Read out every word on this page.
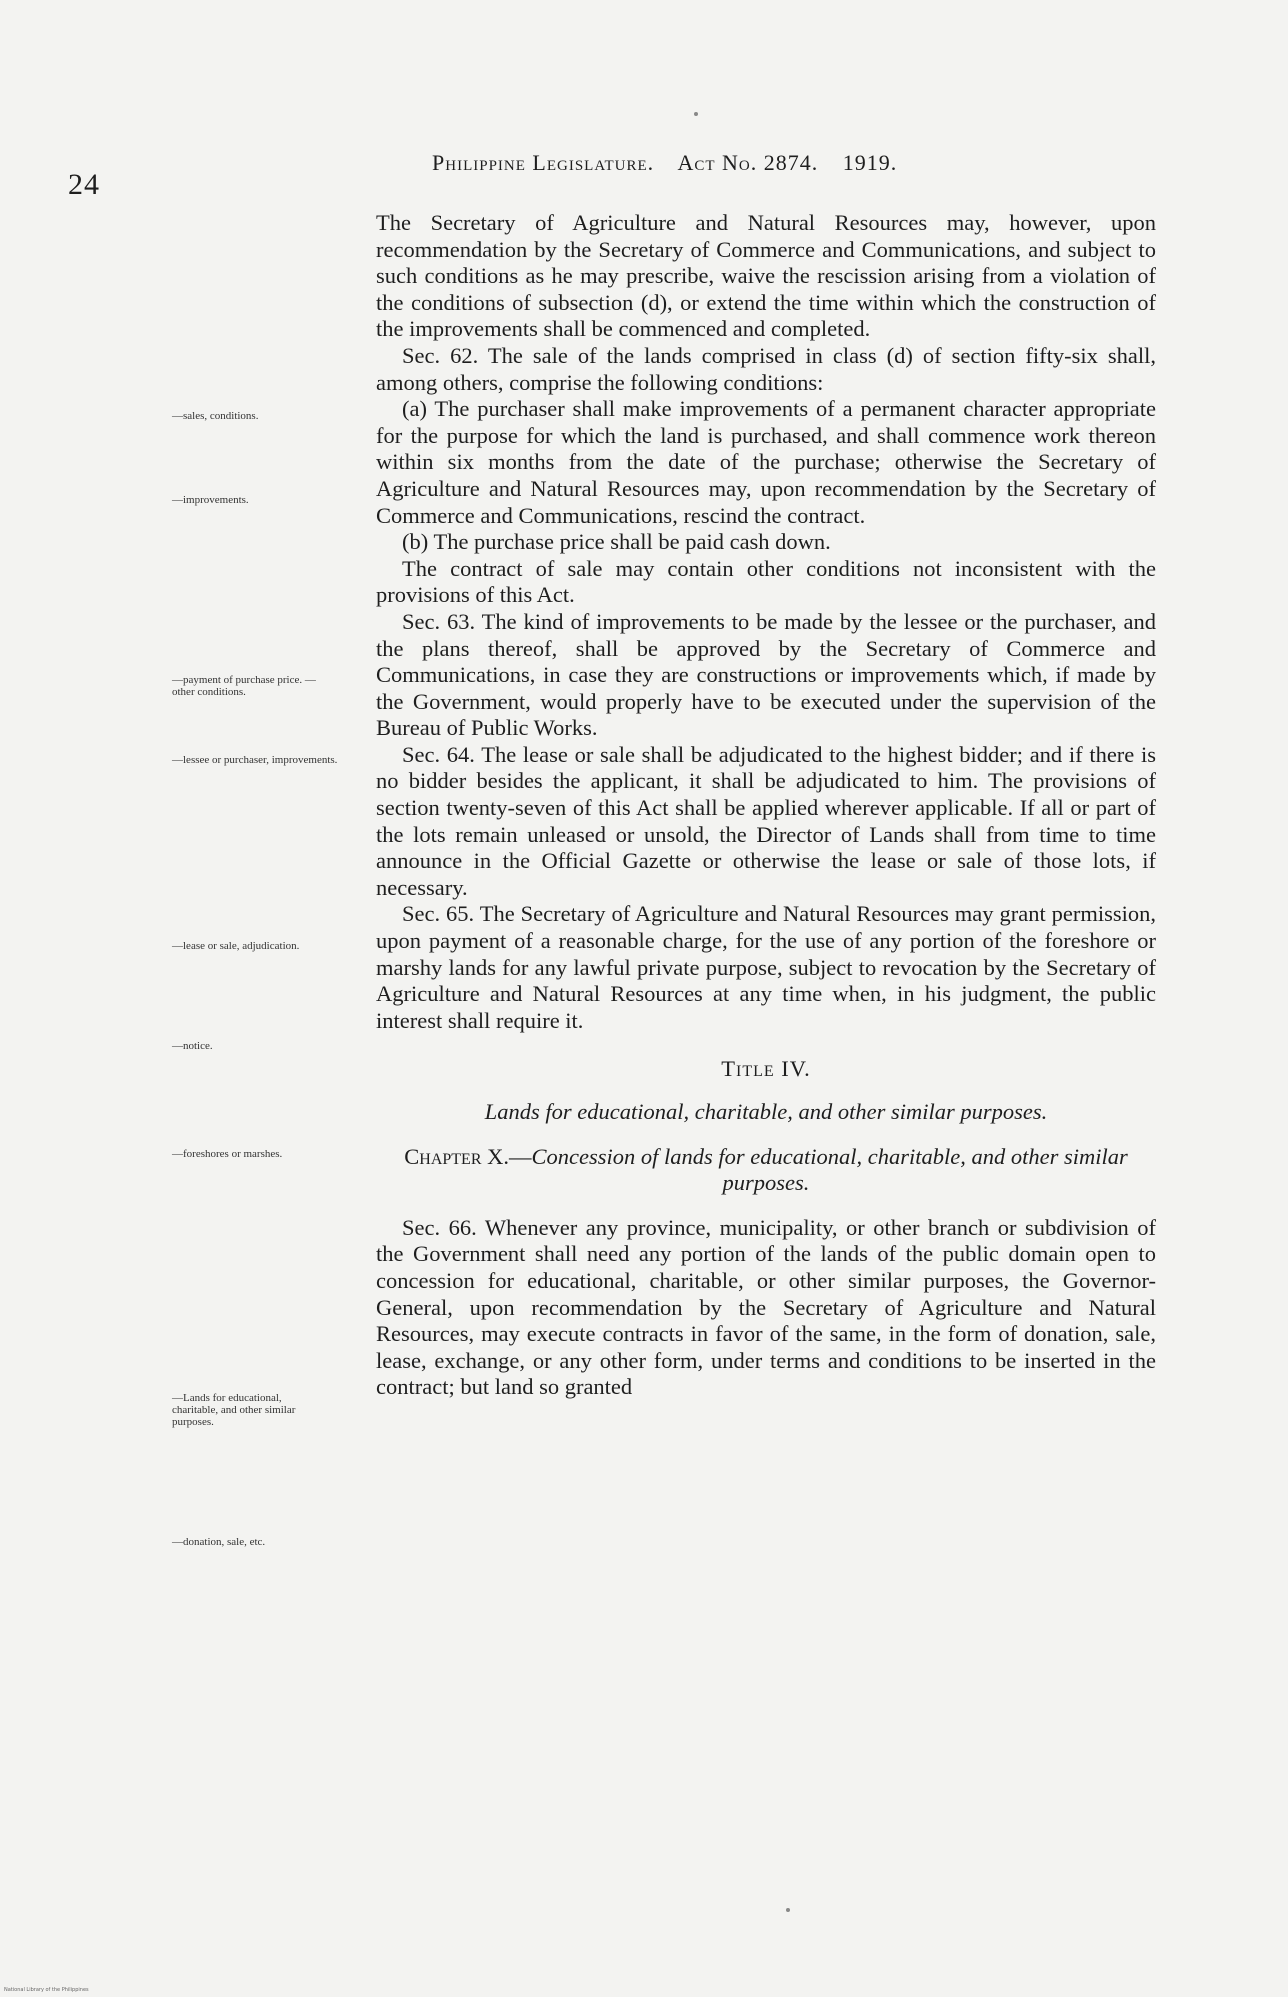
24
Philippine Legislature. Act No. 2874. 1919.
—sales, conditions.
—improvements.
—payment of purchase price. —other conditions.
—lessee or purchaser, improvements.
—lease or sale, adjudication.
—notice.
—foreshores or marshes.
—Lands for educational, charitable, and other similar purposes.
—donation, sale, etc.

The Secretary of Agriculture and Natural Resources may, however, upon recommendation by the Secretary of Commerce and Communications, and subject to such conditions as he may prescribe, waive the rescission arising from a violation of the conditions of subsection (d), or extend the time within which the construction of the improvements shall be commenced and completed.

Sec. 62. The sale of the lands comprised in class (d) of section fifty-six shall, among others, comprise the following conditions:

(a) The purchaser shall make improvements of a permanent character appropriate for the purpose for which the land is purchased, and shall commence work thereon within six months from the date of the purchase; otherwise the Secretary of Agriculture and Natural Resources may, upon recommendation by the Secretary of Commerce and Communications, rescind the contract.

(b) The purchase price shall be paid cash down.

The contract of sale may contain other conditions not inconsistent with the provisions of this Act.

Sec. 63. The kind of improvements to be made by the lessee or the purchaser, and the plans thereof, shall be approved by the Secretary of Commerce and Communications, in case they are constructions or improvements which, if made by the Government, would properly have to be executed under the supervision of the Bureau of Public Works.

Sec. 64. The lease or sale shall be adjudicated to the highest bidder; and if there is no bidder besides the applicant, it shall be adjudicated to him. The provisions of section twenty-seven of this Act shall be applied wherever applicable. If all or part of the lots remain unleased or unsold, the Director of Lands shall from time to time announce in the Official Gazette or otherwise the lease or sale of those lots, if necessary.

Sec. 65. The Secretary of Agriculture and Natural Resources may grant permission, upon payment of a reasonable charge, for the use of any portion of the foreshore or marshy lands for any lawful private purpose, subject to revocation by the Secretary of Agriculture and Natural Resources at any time when, in his judgment, the public interest shall require it.

Title IV.

Lands for educational, charitable, and other similar purposes.

Chapter X.—Concession of lands for educational, charitable, and other similar purposes.

Sec. 66. Whenever any province, municipality, or other branch or subdivision of the Government shall need any portion of the lands of the public domain open to concession for educational, charitable, or other similar purposes, the Governor-General, upon recommendation by the Secretary of Agriculture and Natural Resources, may execute contracts in favor of the same, in the form of donation, sale, lease, exchange, or any other form, under terms and conditions to be inserted in the contract; but land so granted

National Library of the Philippines
